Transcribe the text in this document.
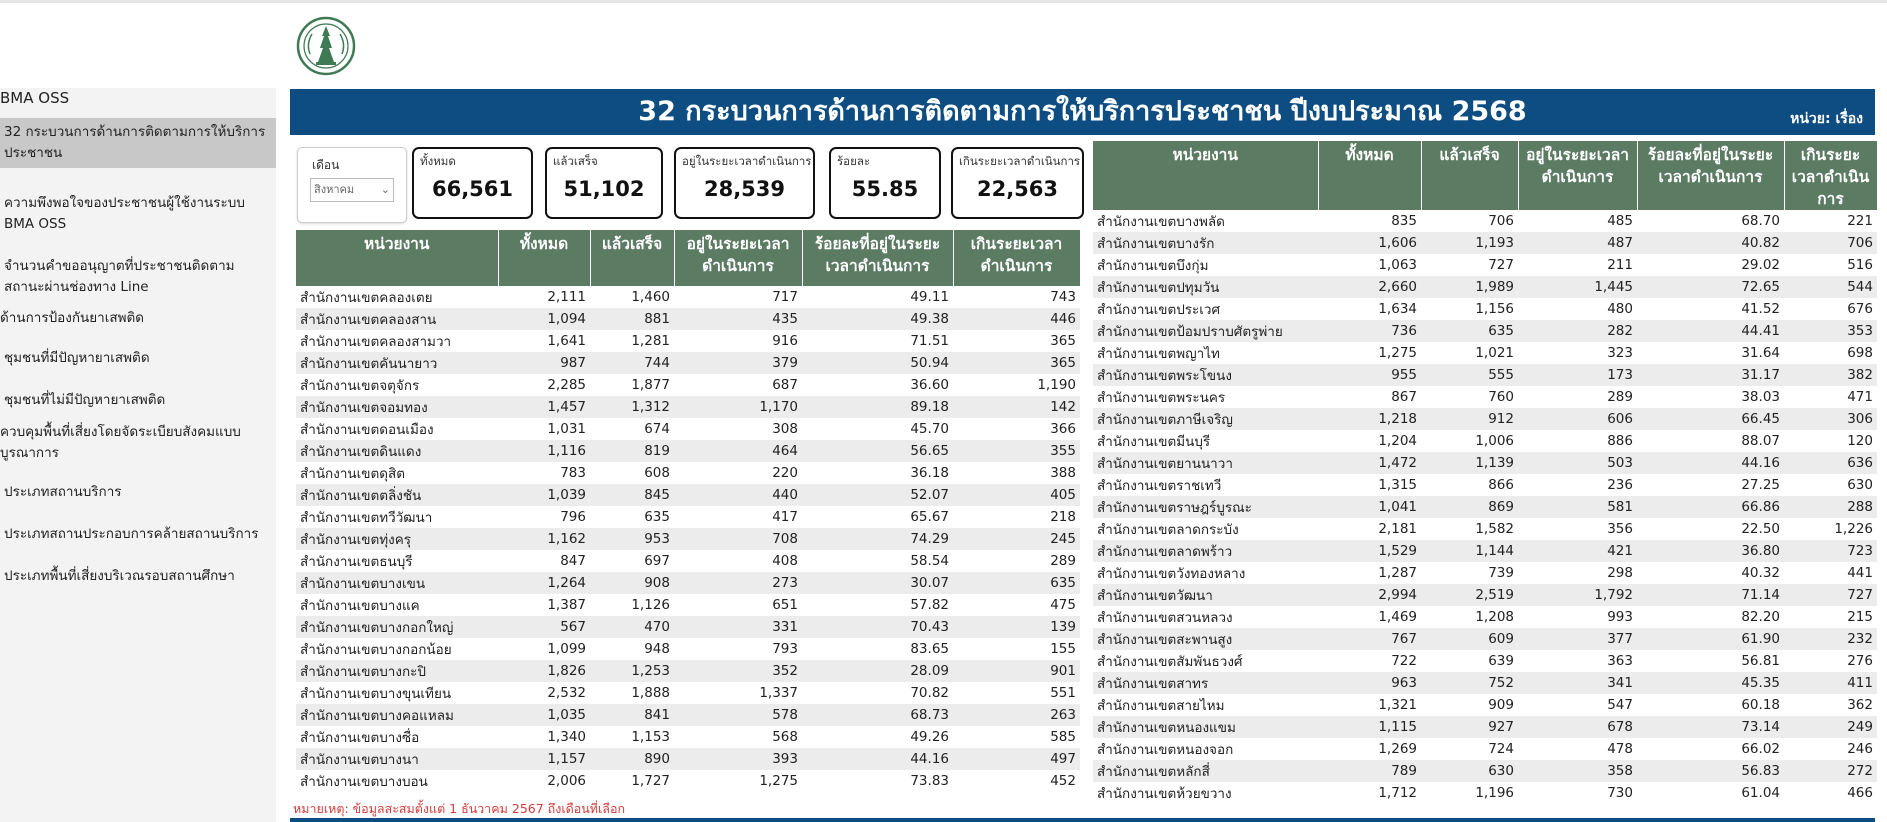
BMA OSS
32 กระบวนการด้านการติดตามการให้บริการประชาชน
ความพึงพอใจของประชาชนผู้ใช้งานระบบ BMA OSS
จำนวนคำขออนุญาตที่ประชาชนติดตามสถานะผ่านช่องทาง Line
ด้านการป้องกันยาเสพติด
ชุมชนที่มีปัญหายาเสพติด
ชุมชนที่ไม่มีปัญหายาเสพติด
ควบคุมพื้นที่เสี่ยงโดยจัดระเบียบสังคมแบบบูรณาการ
ประเภทสถานบริการ
ประเภทสถานประกอบการคล้ายสถานบริการ
ประเภทพื้นที่เสี่ยงบริเวณรอบสถานศึกษา
32 กระบวนการด้านการติดตามการให้บริการประชาชน ปีงบประมาณ 2568	หน่วย: เรื่อง
เดือน
สิงหาคม ⌄
ทั้งหมด
66,561
แล้วเสร็จ
51,102
อยู่ในระยะเวลาดำเนินการ
28,539
ร้อยละ
55.85
เกินระยะเวลาดำเนินการ
22,563
หน่วยงาน	ทั้งหมด	แล้วเสร็จ	อยู่ในระยะเวลาดำเนินการ	ร้อยละที่อยู่ในระยะเวลาดำเนินการ	เกินระยะเวลาดำเนินการ
สำนักงานเขตคลองเตย	2,111	1,460	717	49.11	743
สำนักงานเขตคลองสาน	1,094	881	435	49.38	446
สำนักงานเขตคลองสามวา	1,641	1,281	916	71.51	365
สำนักงานเขตคันนายาว	987	744	379	50.94	365
สำนักงานเขตจตุจักร	2,285	1,877	687	36.60	1,190
สำนักงานเขตจอมทอง	1,457	1,312	1,170	89.18	142
สำนักงานเขตดอนเมือง	1,031	674	308	45.70	366
สำนักงานเขตดินแดง	1,116	819	464	56.65	355
สำนักงานเขตดุสิต	783	608	220	36.18	388
สำนักงานเขตตลิ่งชัน	1,039	845	440	52.07	405
สำนักงานเขตทวีวัฒนา	796	635	417	65.67	218
สำนักงานเขตทุ่งครุ	1,162	953	708	74.29	245
สำนักงานเขตธนบุรี	847	697	408	58.54	289
สำนักงานเขตบางเขน	1,264	908	273	30.07	635
สำนักงานเขตบางแค	1,387	1,126	651	57.82	475
สำนักงานเขตบางกอกใหญ่	567	470	331	70.43	139
สำนักงานเขตบางกอกน้อย	1,099	948	793	83.65	155
สำนักงานเขตบางกะปิ	1,826	1,253	352	28.09	901
สำนักงานเขตบางขุนเทียน	2,532	1,888	1,337	70.82	551
สำนักงานเขตบางคอแหลม	1,035	841	578	68.73	263
สำนักงานเขตบางซื่อ	1,340	1,153	568	49.26	585
สำนักงานเขตบางนา	1,157	890	393	44.16	497
สำนักงานเขตบางบอน	2,006	1,727	1,275	73.83	452
หน่วยงาน	ทั้งหมด	แล้วเสร็จ	อยู่ในระยะเวลาดำเนินการ	ร้อยละที่อยู่ในระยะเวลาดำเนินการ	เกินระยะเวลาดำเนินการ
สำนักงานเขตบางพลัด	835	706	485	68.70	221
สำนักงานเขตบางรัก	1,606	1,193	487	40.82	706
สำนักงานเขตบึงกุ่ม	1,063	727	211	29.02	516
สำนักงานเขตปทุมวัน	2,660	1,989	1,445	72.65	544
สำนักงานเขตประเวศ	1,634	1,156	480	41.52	676
สำนักงานเขตป้อมปราบศัตรูพ่าย	736	635	282	44.41	353
สำนักงานเขตพญาไท	1,275	1,021	323	31.64	698
สำนักงานเขตพระโขนง	955	555	173	31.17	382
สำนักงานเขตพระนคร	867	760	289	38.03	471
สำนักงานเขตภาษีเจริญ	1,218	912	606	66.45	306
สำนักงานเขตมีนบุรี	1,204	1,006	886	88.07	120
สำนักงานเขตยานนาวา	1,472	1,139	503	44.16	636
สำนักงานเขตราชเทวี	1,315	866	236	27.25	630
สำนักงานเขตราษฎร์บูรณะ	1,041	869	581	66.86	288
สำนักงานเขตลาดกระบัง	2,181	1,582	356	22.50	1,226
สำนักงานเขตลาดพร้าว	1,529	1,144	421	36.80	723
สำนักงานเขตวังทองหลาง	1,287	739	298	40.32	441
สำนักงานเขตวัฒนา	2,994	2,519	1,792	71.14	727
สำนักงานเขตสวนหลวง	1,469	1,208	993	82.20	215
สำนักงานเขตสะพานสูง	767	609	377	61.90	232
สำนักงานเขตสัมพันธวงศ์	722	639	363	56.81	276
สำนักงานเขตสาทร	963	752	341	45.35	411
สำนักงานเขตสายไหม	1,321	909	547	60.18	362
สำนักงานเขตหนองแขม	1,115	927	678	73.14	249
สำนักงานเขตหนองจอก	1,269	724	478	66.02	246
สำนักงานเขตหลักสี่	789	630	358	56.83	272
สำนักงานเขตห้วยขวาง	1,712	1,196	730	61.04	466
หมายเหตุ: ข้อมูลสะสมตั้งแต่ 1 ธันวาคม 2567 ถึงเดือนที่เลือก
